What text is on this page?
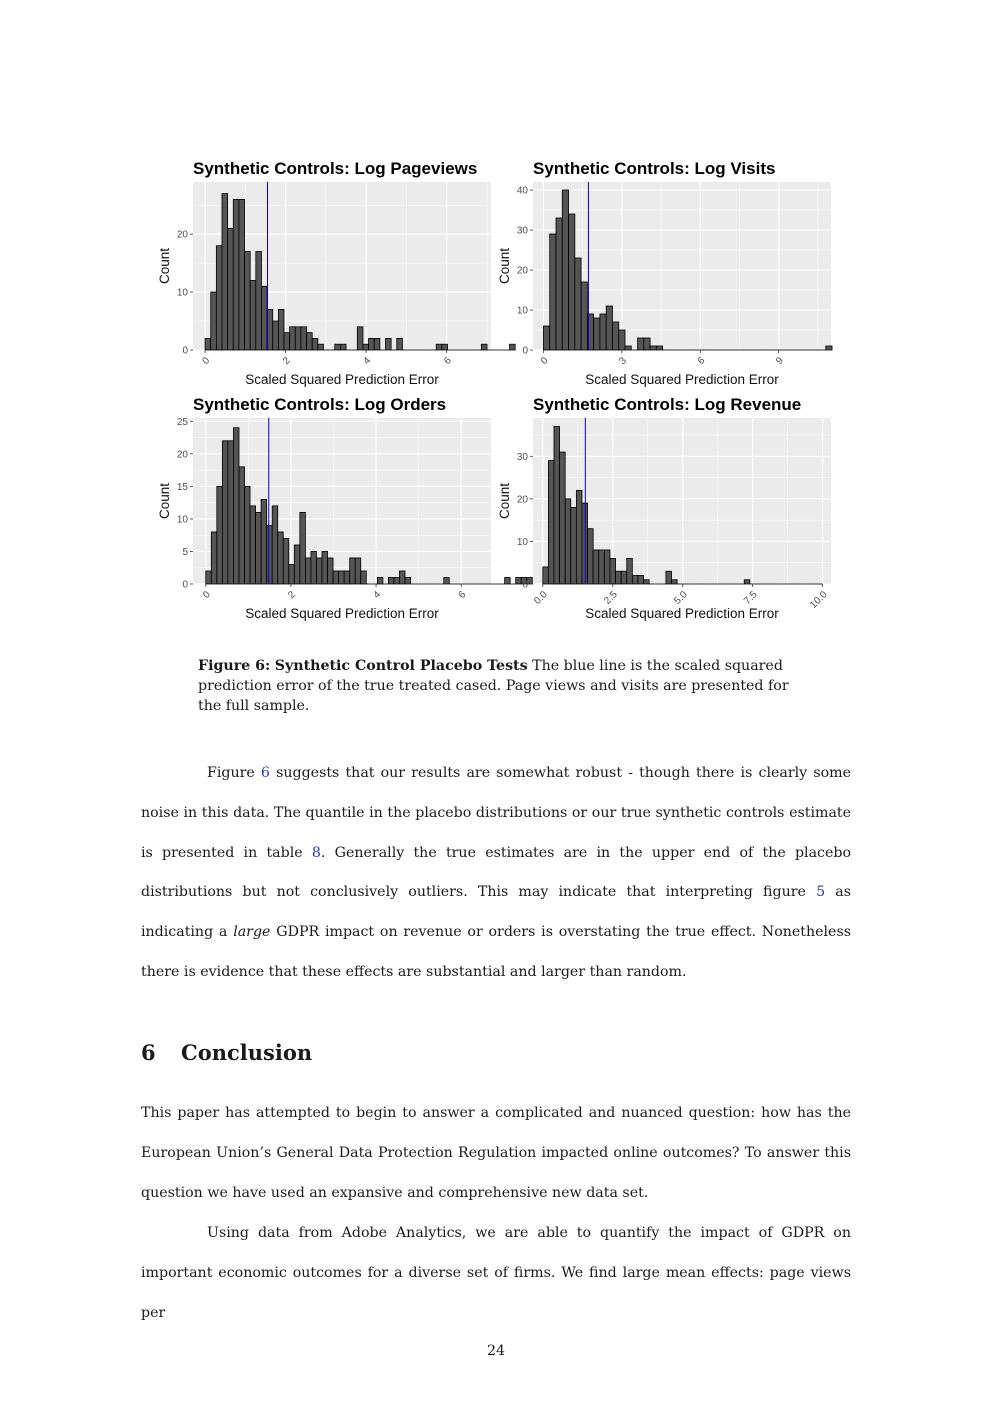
Synthetic Controls: Log Pageviews
0
10
20
0	2	4	6
Scaled Squared Prediction Error
Count
Synthetic Controls: Log Visits
0
10
20
30
40
0	3	6	9
Scaled Squared Prediction Error
Count
Synthetic Controls: Log Orders
0
5
10
15
20
25
0	2	4	6
Scaled Squared Prediction Error
Count
Synthetic Controls: Log Revenue
0
10
20
30
0.0	2.5	5.0	7.5	10.0
Scaled Squared Prediction Error
Count

Figure 6: Synthetic Control Placebo Tests The blue line is the scaled squared prediction error of the true treated cased. Page views and visits are presented for the full sample.

Figure 6 suggests that our results are somewhat robust - though there is clearly some noise in this data. The quantile in the placebo distributions or our true synthetic controls estimate is presented in table 8. Generally the true estimates are in the upper end of the placebo distributions but not conclusively outliers. This may indicate that interpreting figure 5 as indicating a large GDPR impact on revenue or orders is overstating the true effect. Nonetheless there is evidence that these effects are substantial and larger than random.

6 Conclusion

This paper has attempted to begin to answer a complicated and nuanced question: how has the European Union’s General Data Protection Regulation impacted online outcomes? To answer this question we have used an expansive and comprehensive new data set.

Using data from Adobe Analytics, we are able to quantify the impact of GDPR on important economic outcomes for a diverse set of firms. We find large mean effects: page views per

24
